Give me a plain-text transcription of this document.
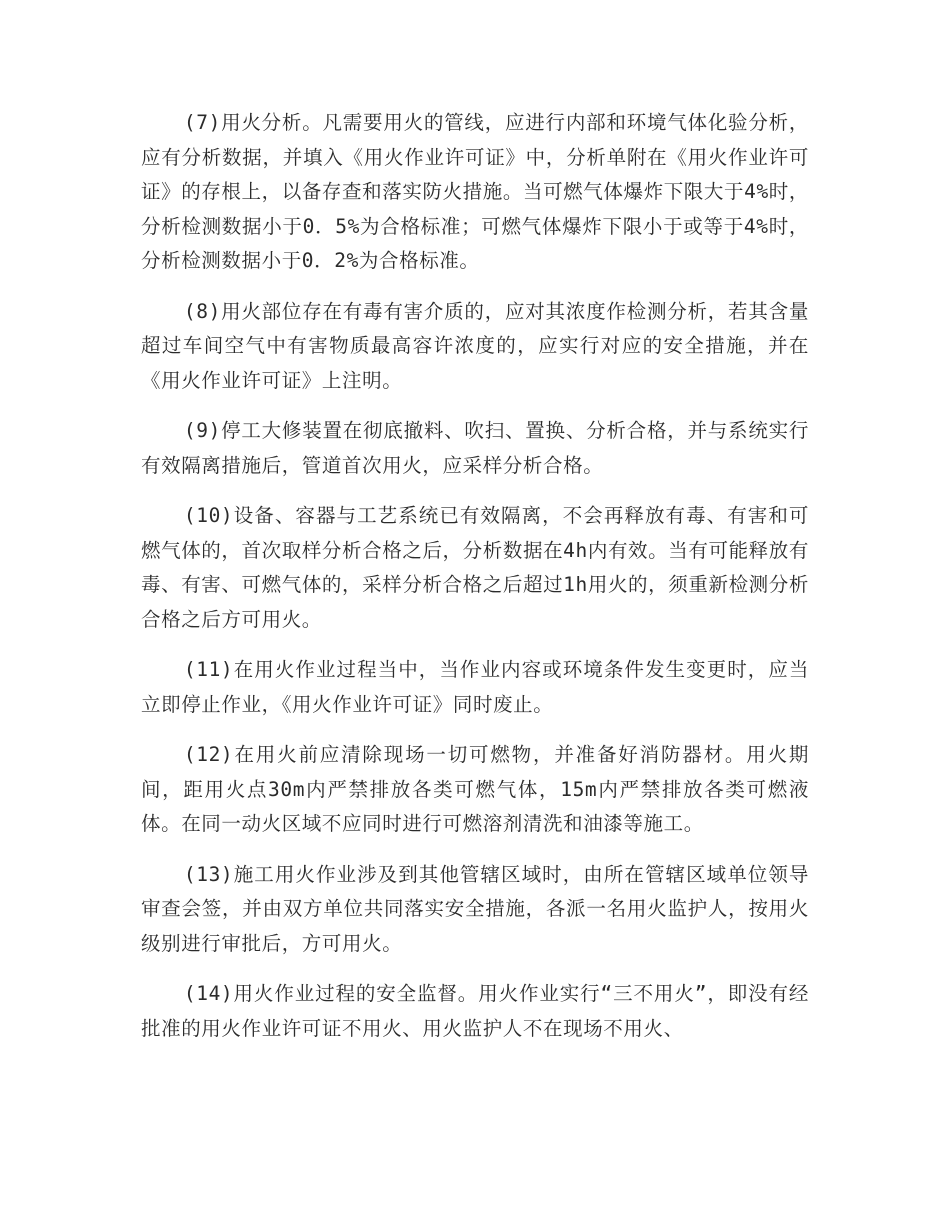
(7)用火分析。凡需要用火的管线，应进行内部和环境气体化验分析，应有分析数据，并填入《用火作业许可证》中，分析单附在《用火作业许可证》的存根上，以备存查和落实防火措施。当可燃气体爆炸下限大于4%时，分析检测数据小于0．5%为合格标准；可燃气体爆炸下限小于或等于4%时，分析检测数据小于0．2%为合格标准。

(8)用火部位存在有毒有害介质的，应对其浓度作检测分析，若其含量超过车间空气中有害物质最高容许浓度的，应实行对应的安全措施，并在《用火作业许可证》上注明。

(9)停工大修装置在彻底撤料、吹扫、置换、分析合格，并与系统实行有效隔离措施后，管道首次用火，应采样分析合格。

(10)设备、容器与工艺系统已有效隔离，不会再释放有毒、有害和可燃气体的，首次取样分析合格之后，分析数据在4h内有效。当有可能释放有毒、有害、可燃气体的，采样分析合格之后超过1h用火的，须重新检测分析合格之后方可用火。

(11)在用火作业过程当中，当作业内容或环境条件发生变更时，应当立即停止作业，《用火作业许可证》同时废止。

(12)在用火前应清除现场一切可燃物，并准备好消防器材。用火期间，距用火点30m内严禁排放各类可燃气体，15m内严禁排放各类可燃液体。在同一动火区域不应同时进行可燃溶剂清洗和油漆等施工。

(13)施工用火作业涉及到其他管辖区域时，由所在管辖区域单位领导审查会签，并由双方单位共同落实安全措施，各派一名用火监护人，按用火级别进行审批后，方可用火。

(14)用火作业过程的安全监督。用火作业实行“三不用火”，即没有经批准的用火作业许可证不用火、用火监护人不在现场不用火、
